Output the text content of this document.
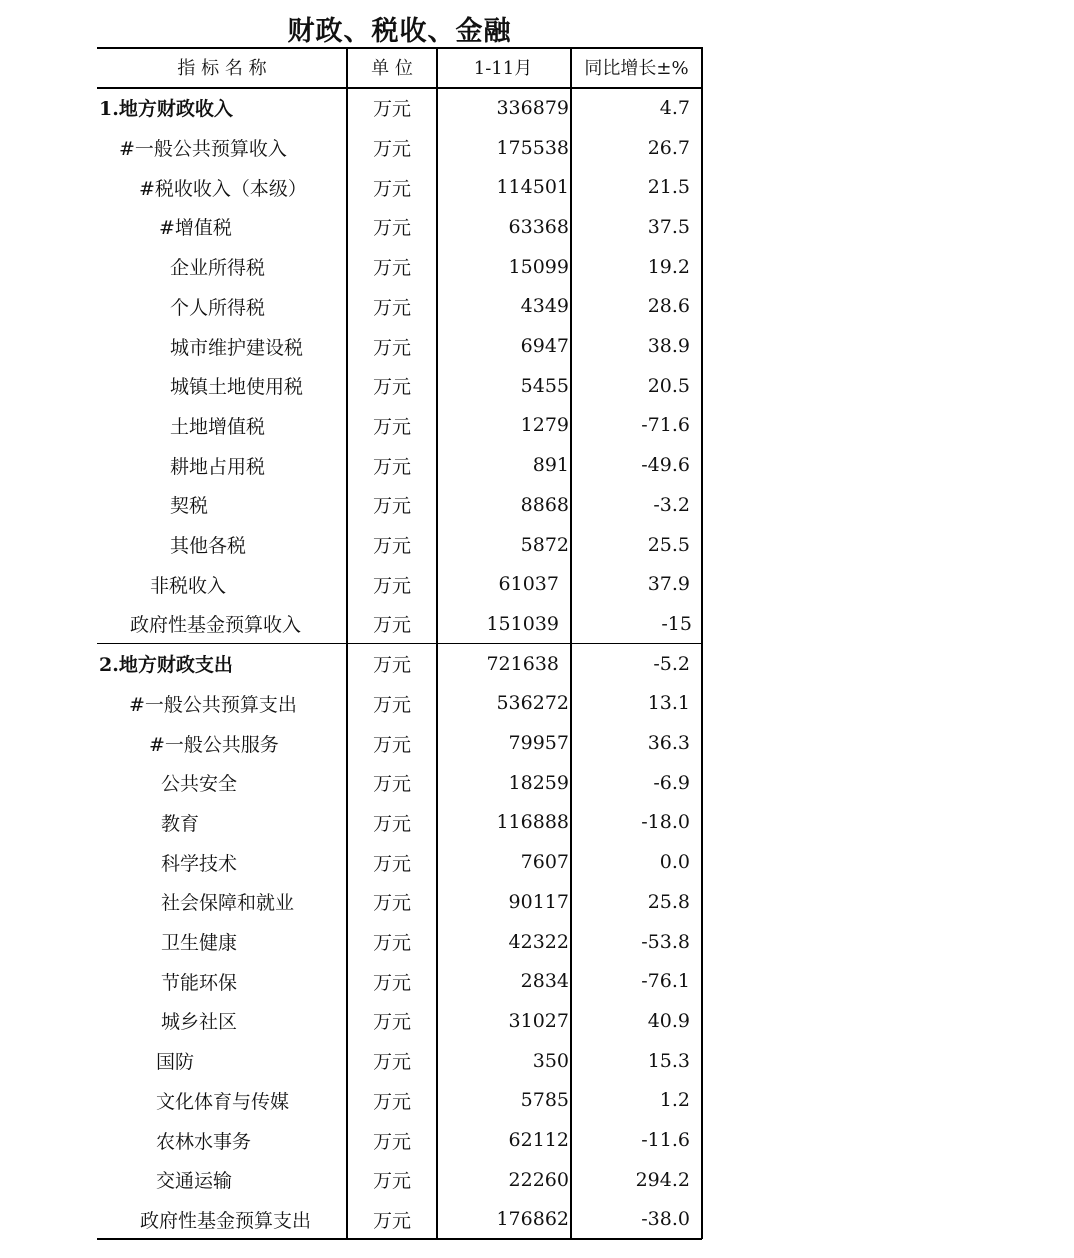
财政、税收、金融
指 标 名 称	单 位	1-11月	同比增长±%
1.地方财政收入	万元	336879	4.7
#一般公共预算收入	万元	175538	26.7
#税收收入（本级）	万元	114501	21.5
#增值税	万元	63368	37.5
企业所得税	万元	15099	19.2
个人所得税	万元	4349	28.6
城市维护建设税	万元	6947	38.9
城镇土地使用税	万元	5455	20.5
土地增值税	万元	1279	-71.6
耕地占用税	万元	891	-49.6
契税	万元	8868	-3.2
其他各税	万元	5872	25.5
非税收入	万元	61037	37.9
政府性基金预算收入	万元	151039	-15
2.地方财政支出	万元	721638	-5.2
#一般公共预算支出	万元	536272	13.1
#一般公共服务	万元	79957	36.3
公共安全	万元	18259	-6.9
教育	万元	116888	-18.0
科学技术	万元	7607	0.0
社会保障和就业	万元	90117	25.8
卫生健康	万元	42322	-53.8
节能环保	万元	2834	-76.1
城乡社区	万元	31027	40.9
国防	万元	350	15.3
文化体育与传媒	万元	5785	1.2
农林水事务	万元	62112	-11.6
交通运输	万元	22260	294.2
政府性基金预算支出	万元	176862	-38.0
